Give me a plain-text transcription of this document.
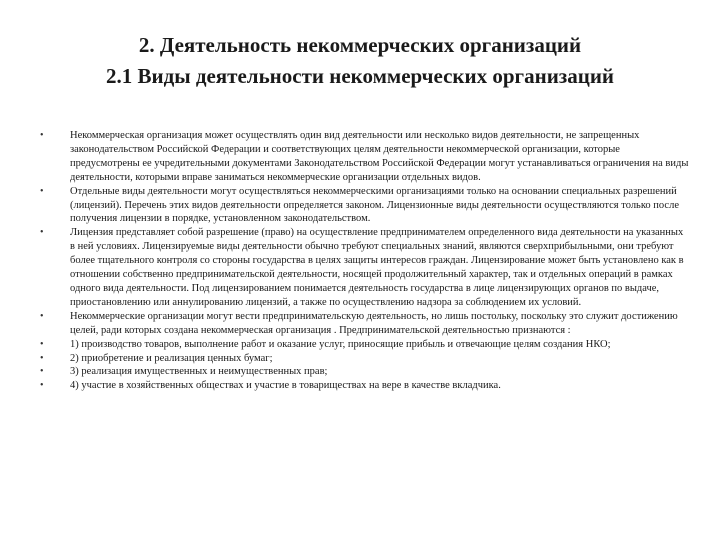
2. Деятельность некоммерческих организаций
2.1 Виды деятельности некоммерческих организаций
•	Некоммерческая организация может осуществлять один вид деятельности или несколько видов деятельности, не запрещенных законодательством Российской Федерации и соответствующих целям деятельности некоммерческой организации, которые предусмотрены ее учредительными документами Законодательством Российской Федерации могут устанавливаться ограничения на виды деятельности, которыми вправе заниматься некоммерческие организации отдельных видов.
•	Отдельные виды деятельности могут осуществляться некоммерческими организациями только на основании специальных разрешений (лицензий). Перечень этих видов деятельности определяется законом. Лицензионные виды деятельности осуществляются только после получения лицензии в порядке, установленном законодательством.
•	Лицензия представляет собой разрешение (право) на осуществление предпринимателем определенного вида деятельности на указанных в ней условиях. Лицензируемые виды деятельности обычно требуют специальных знаний, являются сверхприбыльными, они требуют более тщательного контроля со стороны государства в целях защиты интересов граждан. Лицензирование может быть установлено как в отношении собственно предпринимательской деятельности, носящей продолжительный характер, так и отдельных операций в рамках одного вида деятельности. Под лицензированием понимается деятельность государства в лице лицензирующих органов по выдаче, приостановлению или аннулированию лицензий, а также по осуществлению надзора за соблюдением их условий.
•	Некоммерческие организации могут вести предпринимательскую деятельность, но лишь постольку, поскольку это служит достижению целей, ради которых создана некоммерческая организация . Предпринимательской деятельностью признаются :
•	1) производство товаров, выполнение работ и оказание услуг, приносящие прибыль и отвечающие целям создания НКО;
•	2) приобретение и реализация ценных бумаг;
•	3) реализация имущественных и неимущественных прав;
•	4) участие в хозяйственных обществах и участие в товариществах на вере в качестве вкладчика.
